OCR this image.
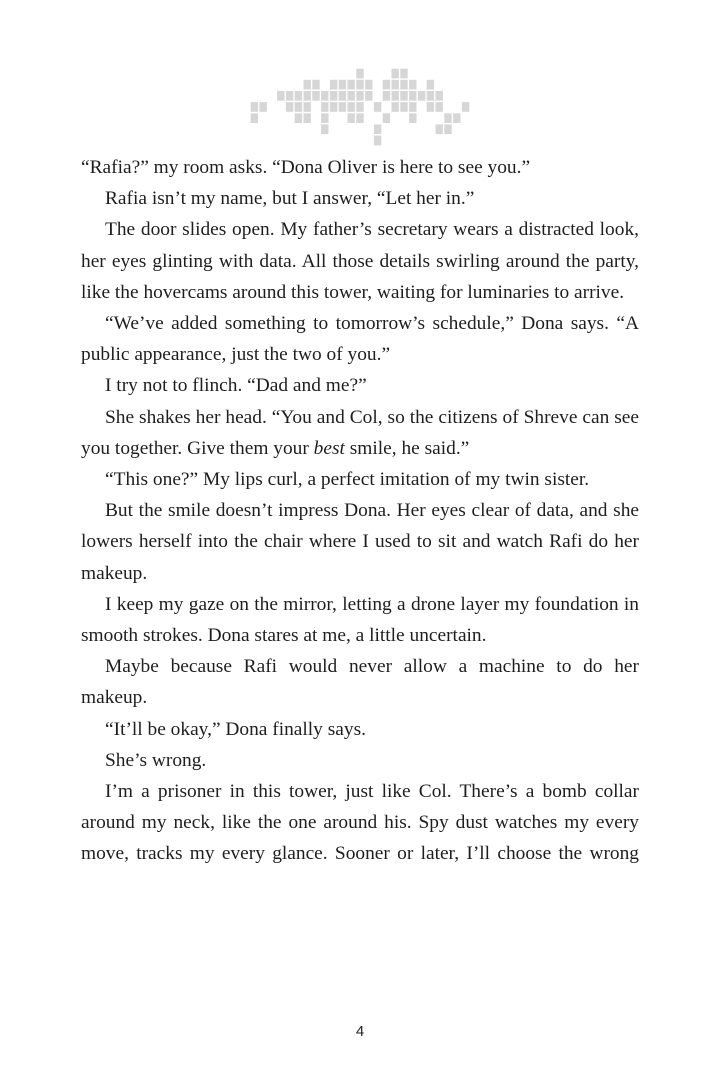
“Rafia?” my room asks. “Dona Oliver is here to see you.”

Rafia isn’t my name, but I answer, “Let her in.”

The door slides open. My father’s secretary wears a distracted look, her eyes glinting with data. All those details swirling around the party, like the hovercams around this tower, waiting for luminaries to arrive.

“We’ve added something to tomorrow’s schedule,” Dona says. “A public appearance, just the two of you.”

I try not to flinch. “Dad and me?”

She shakes her head. “You and Col, so the citizens of Shreve can see you together. Give them your best smile, he said.”

“This one?” My lips curl, a perfect imitation of my twin sister.

But the smile doesn’t impress Dona. Her eyes clear of data, and she lowers herself into the chair where I used to sit and watch Rafi do her makeup.

I keep my gaze on the mirror, letting a drone layer my foundation in smooth strokes. Dona stares at me, a little uncertain.

Maybe because Rafi would never allow a machine to do her makeup.

“It’ll be okay,” Dona finally says.

She’s wrong.

I’m a prisoner in this tower, just like Col. There’s a bomb collar around my neck, like the one around his. Spy dust watches my every move, tracks my every glance. Sooner or later, I’ll choose the wrong

4
